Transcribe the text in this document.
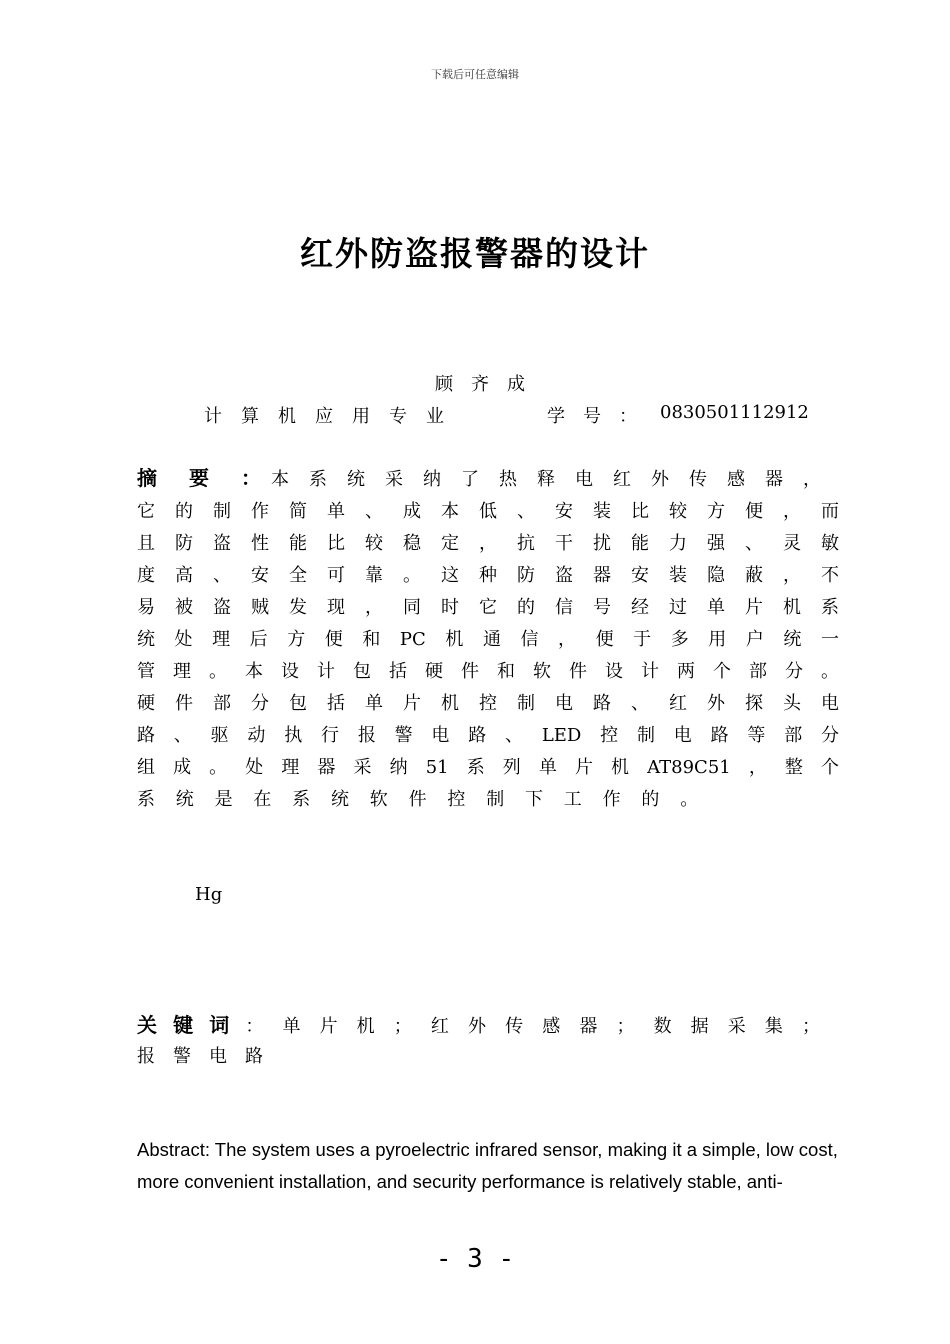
下载后可任意编辑
红外防盗报警器的设计
顾齐成
计算机应用专业	学号： 0830501112912
摘要： 本系统采纳了热释电红外传感器，
它的制作简单、成本低、安装比较方便，而
且防盗性能比较稳定，抗干扰能力强、灵敏
度高、安全可靠。这种防盗器安装隐蔽，不
易被盗贼发现，同时它的信号经过单片机系
统处理后方便和PC机通信，便于多用户统一
管理。本设计包括硬件和软件设计两个部分。
硬件部分包括单片机控制电路、红外探头电
路、驱动执行报警电路、LED控制电路等部分
组成。处理器采纳51系列单片机AT89C51，整个
系统是在系统软件控制下工作的。
Hg
关键词：单片机；红外传感器；数据采集；
报警电路
Abstract: The system uses a pyroelectric infrared sensor, making it a simple, low cost, more convenient installation, and security performance is relatively stable, anti-
- 3 -
